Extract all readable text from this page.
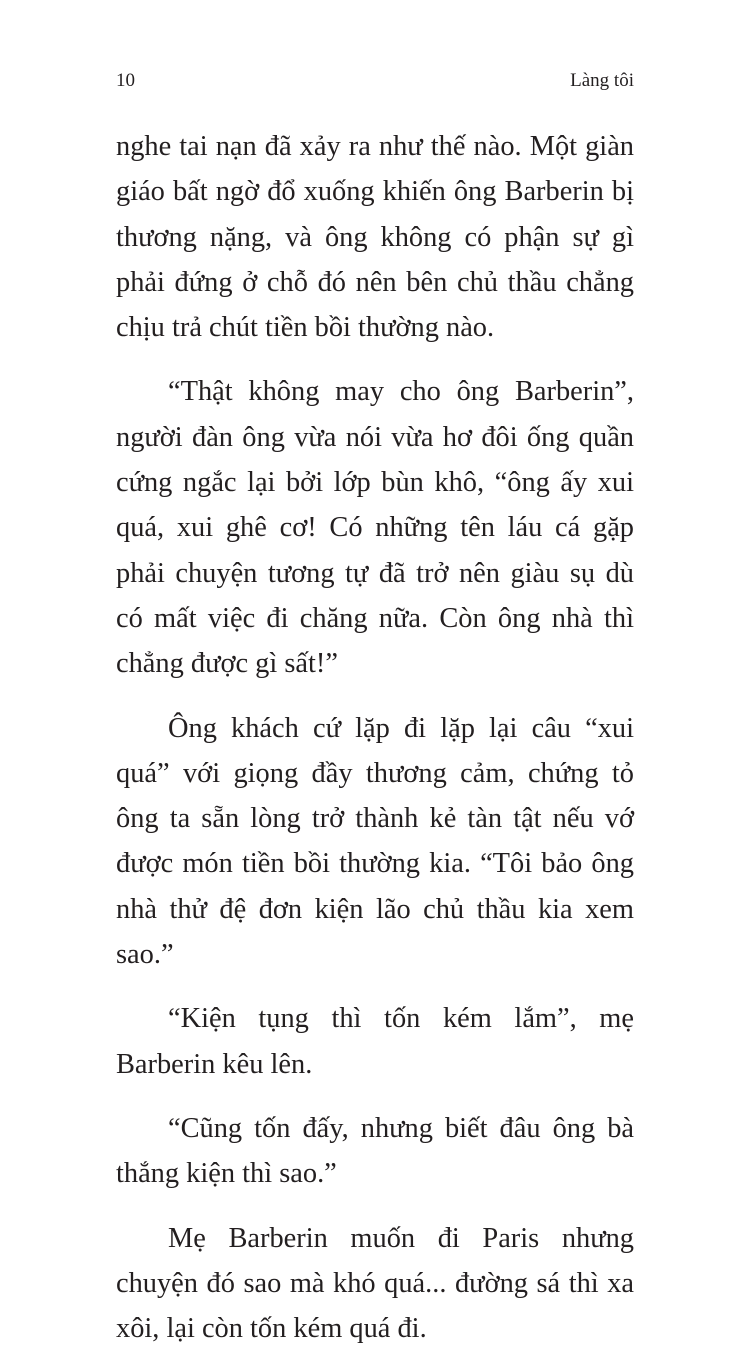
10	Làng tôi

nghe tai nạn đã xảy ra như thế nào. Một giàn giáo bất ngờ đổ xuống khiến ông Barberin bị thương nặng, và ông không có phận sự gì phải đứng ở chỗ đó nên bên chủ thầu chẳng chịu trả chút tiền bồi thường nào.

“Thật không may cho ông Barberin”, người đàn ông vừa nói vừa hơ đôi ống quần cứng ngắc lại bởi lớp bùn khô, “ông ấy xui quá, xui ghê cơ! Có những tên láu cá gặp phải chuyện tương tự đã trở nên giàu sụ dù có mất việc đi chăng nữa. Còn ông nhà thì chẳng được gì sất!”

Ông khách cứ lặp đi lặp lại câu “xui quá” với giọng đầy thương cảm, chứng tỏ ông ta sẵn lòng trở thành kẻ tàn tật nếu vớ được món tiền bồi thường kia. “Tôi bảo ông nhà thử đệ đơn kiện lão chủ thầu kia xem sao.”

“Kiện tụng thì tốn kém lắm”, mẹ Barberin kêu lên.

“Cũng tốn đấy, nhưng biết đâu ông bà thắng kiện thì sao.”

Mẹ Barberin muốn đi Paris nhưng chuyện đó sao mà khó quá... đường sá thì xa xôi, lại còn tốn kém quá đi.
